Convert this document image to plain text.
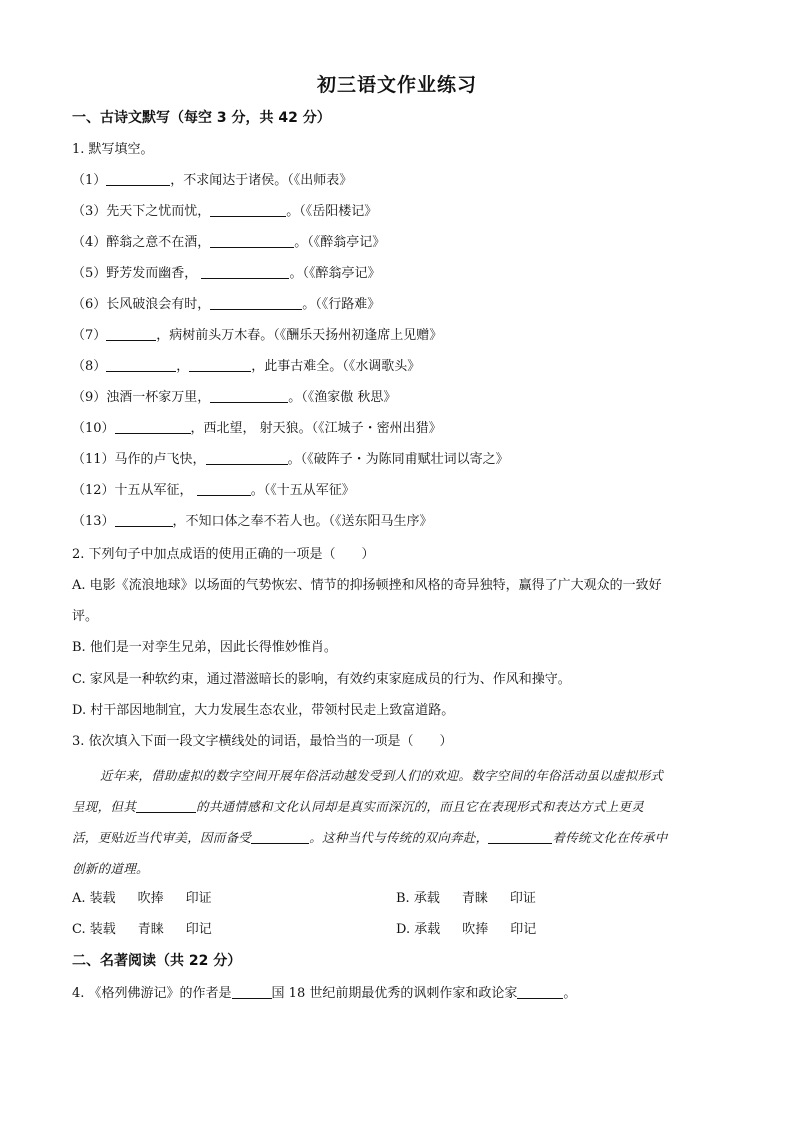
初三语文作业练习
一、古诗文默写（每空 3 分，共 42 分）
1. 默写填空。
（1）	，不求闻达于诸侯。（《出师表》
（3）先天下之忧而忧，	。（《岳阳楼记》
（4）醉翁之意不在酒，	。（《醉翁亭记》
（5）野芳发而幽香，	。（《醉翁亭记》
（6）长风破浪会有时，	。（《行路难》
（7）	，病树前头万木春。（《酬乐天扬州初逢席上见赠》
（8）	，	，此事古难全。（《水调歌头》
（9）浊酒一杯家万里，	。（《渔家傲 秋思》
（10）	，西北望， 射天狼。（《江城子・密州出猎》
（11）马作的卢飞快，	。（《破阵子・为陈同甫赋壮词以寄之》
（12）十五从军征，	。（《十五从军征》
（13）	，不知口体之奉不若人也。（《送东阳马生序》
2. 下列句子中加点成语的使用正确的一项是（　　）
A. 电影《流浪地球》以场面的气势恢宏、情节的抑扬顿挫和风格的奇异独特，赢得了广大观众的一致好
评。
B. 他们是一对孪生兄弟，因此长得惟妙惟肖。
C. 家风是一种软约束，通过潜滋暗长的影响，有效约束家庭成员的行为、作风和操守。
D. 村干部因地制宜，大力发展生态农业，带领村民走上致富道路。
3. 依次填入下面一段文字横线处的词语，最恰当的一项是（　　）
近年来，借助虚拟的数字空间开展年俗活动越发受到人们的欢迎。数字空间的年俗活动虽以虚拟形式
呈现，但其	的共通情感和文化认同却是真实而深沉的，而且它在表现形式和表达方式上更灵
活，更贴近当代审美，因而备受	。这种当代与传统的双向奔赴，	着传统文化在传承中
创新的道理。
A. 装载 吹捧 印证	B. 承载 青睐 印证
C. 装载 青睐 印记	D. 承载 吹捧 印记
二、名著阅读（共 22 分）
4. 《格列佛游记》的作者是	国 18 世纪前期最优秀的讽刺作家和政论家	。
